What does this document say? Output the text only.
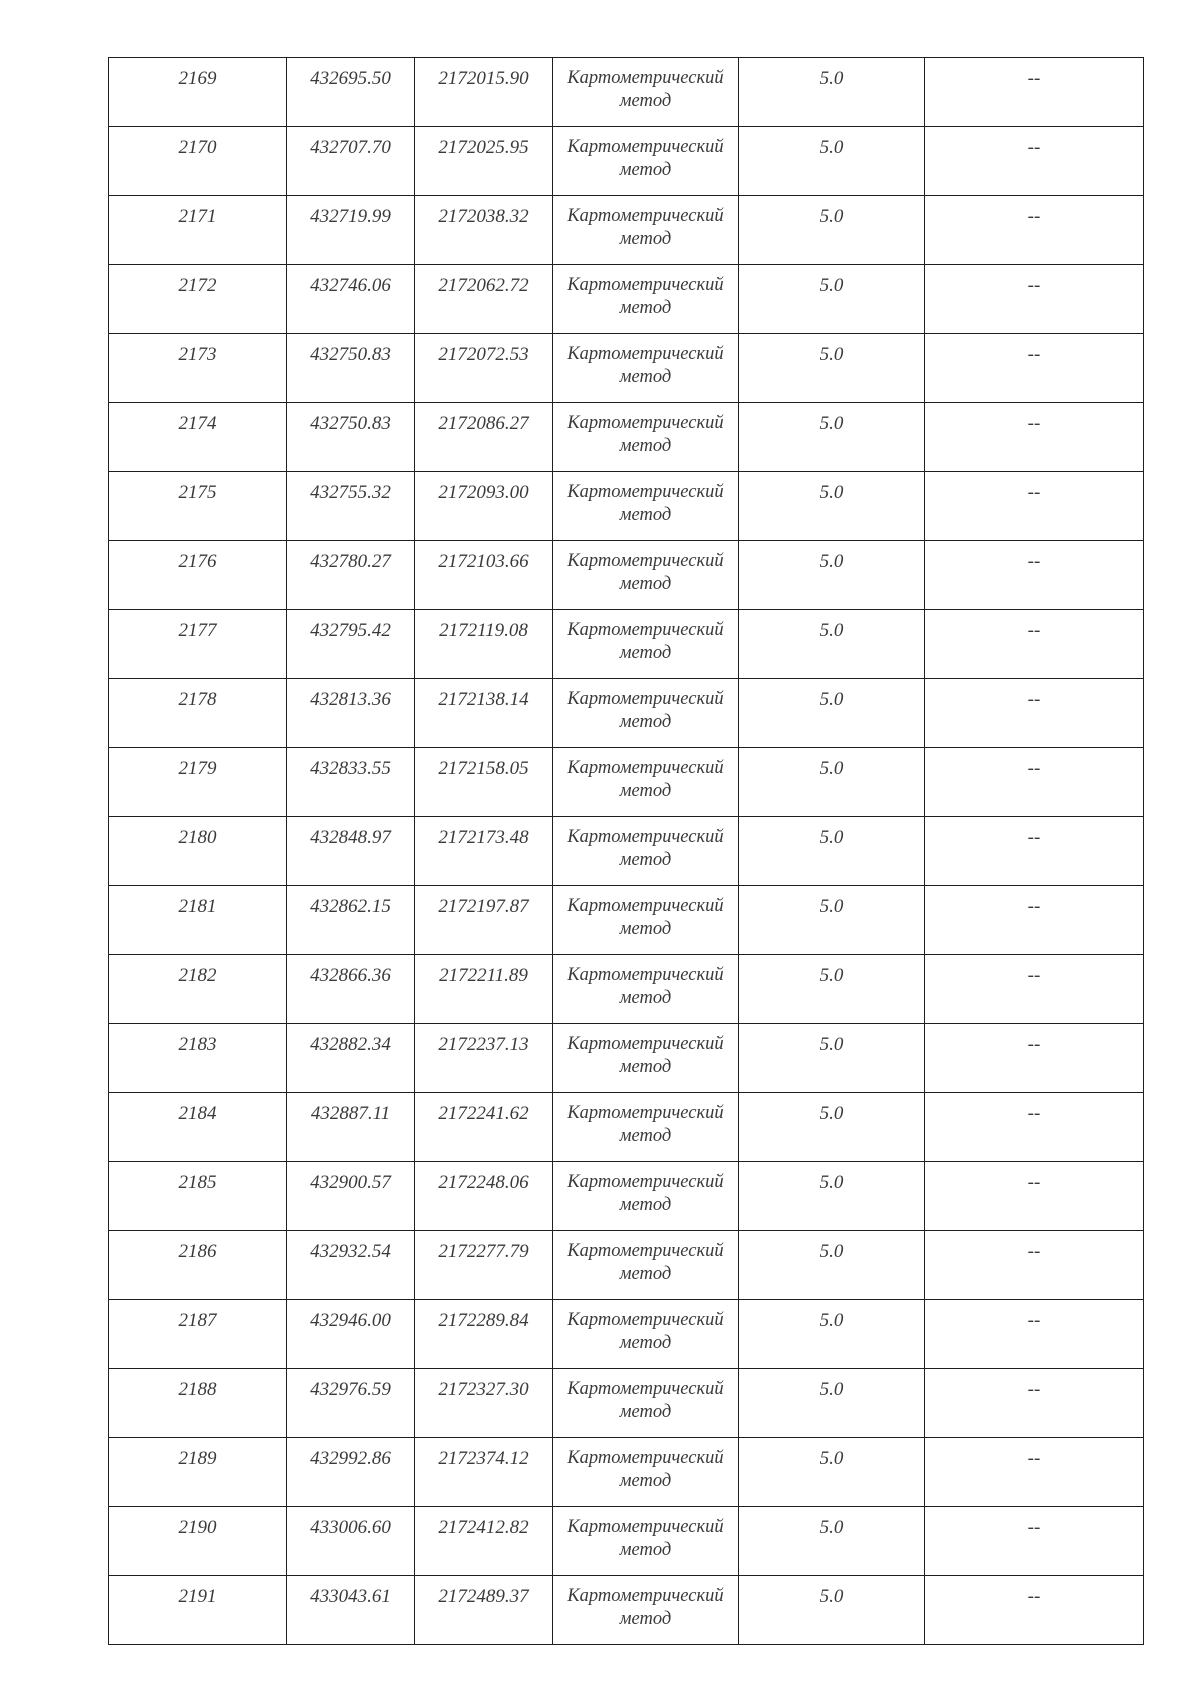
2169	432695.50	2172015.90	Картометрический
метод	5.0	--

2170	432707.70	2172025.95	Картометрический
метод	5.0	--

2171	432719.99	2172038.32	Картометрический
метод	5.0	--

2172	432746.06	2172062.72	Картометрический
метод	5.0	--

2173	432750.83	2172072.53	Картометрический
метод	5.0	--

2174	432750.83	2172086.27	Картометрический
метод	5.0	--

2175	432755.32	2172093.00	Картометрический
метод	5.0	--

2176	432780.27	2172103.66	Картометрический
метод	5.0	--

2177	432795.42	2172119.08	Картометрический
метод	5.0	--

2178	432813.36	2172138.14	Картометрический
метод	5.0	--

2179	432833.55	2172158.05	Картометрический
метод	5.0	--

2180	432848.97	2172173.48	Картометрический
метод	5.0	--

2181	432862.15	2172197.87	Картометрический
метод	5.0	--

2182	432866.36	2172211.89	Картометрический
метод	5.0	--

2183	432882.34	2172237.13	Картометрический
метод	5.0	--

2184	432887.11	2172241.62	Картометрический
метод	5.0	--

2185	432900.57	2172248.06	Картометрический
метод	5.0	--

2186	432932.54	2172277.79	Картометрический
метод	5.0	--

2187	432946.00	2172289.84	Картометрический
метод	5.0	--

2188	432976.59	2172327.30	Картометрический
метод	5.0	--

2189	432992.86	2172374.12	Картометрический
метод	5.0	--

2190	433006.60	2172412.82	Картометрический
метод	5.0	--

2191	433043.61	2172489.37	Картометрический
метод	5.0	--
